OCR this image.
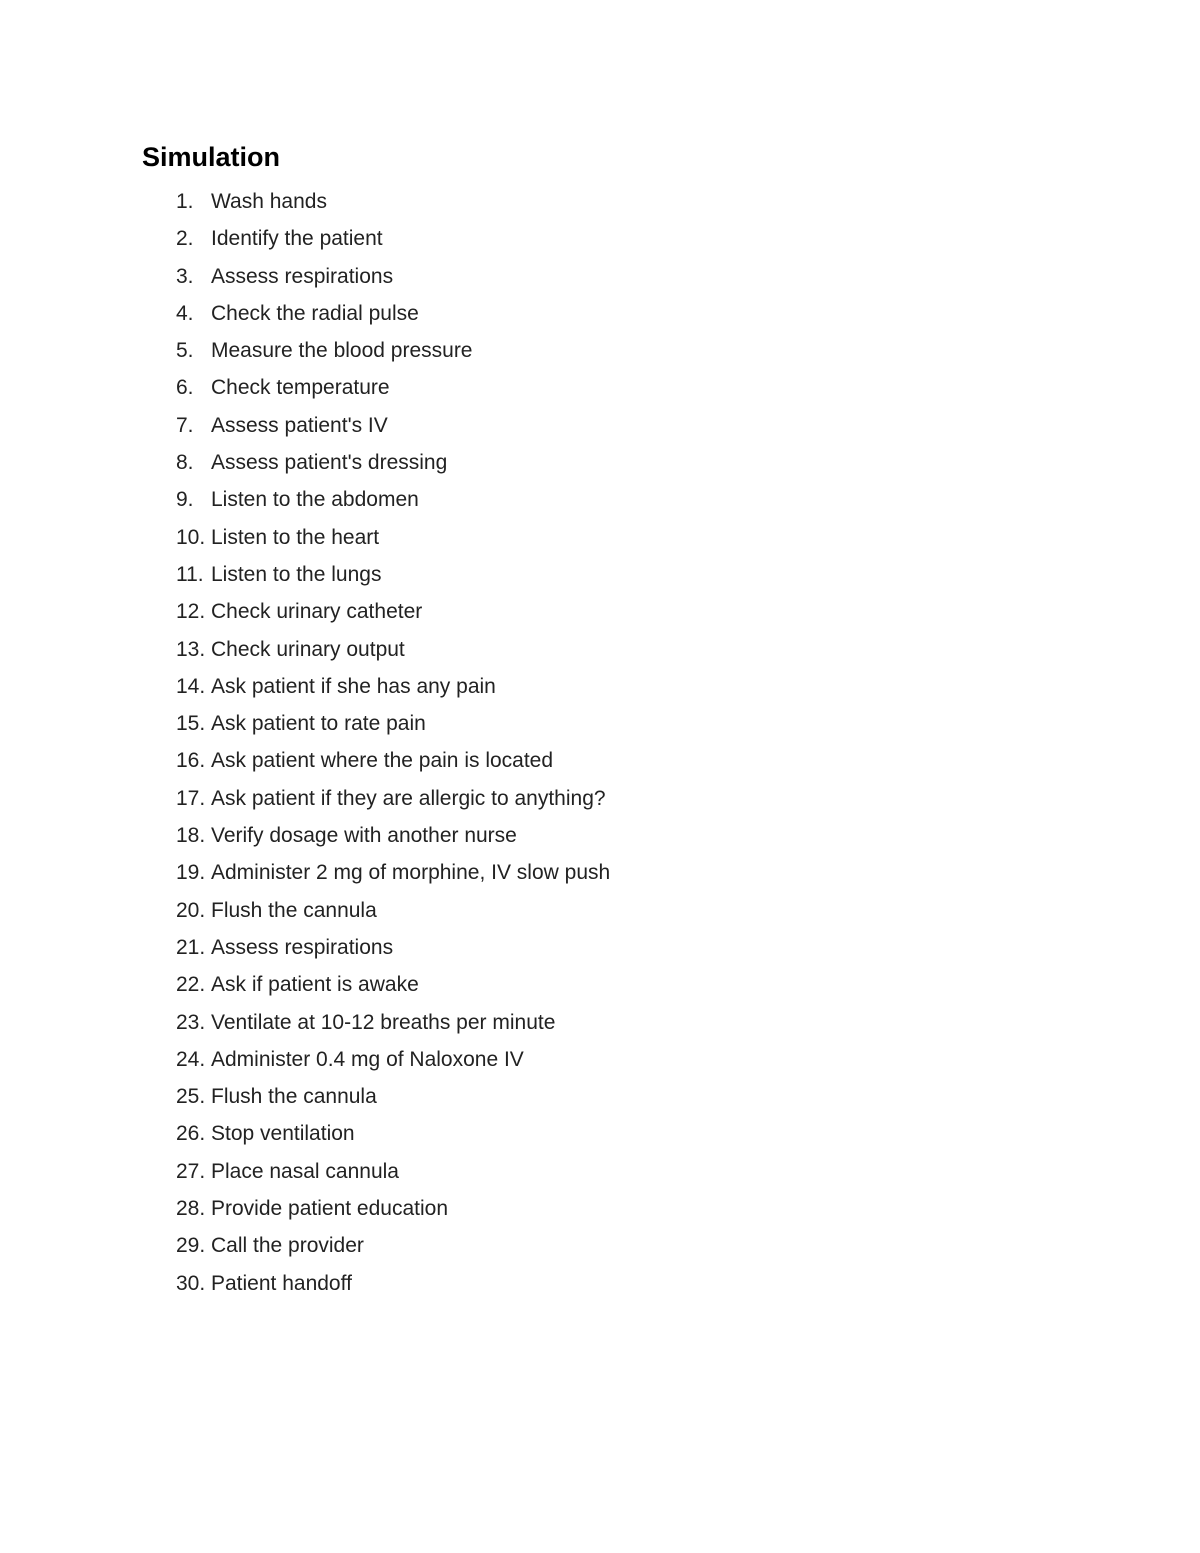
Simulation
1. Wash hands
2. Identify the patient
3. Assess respirations
4. Check the radial pulse
5. Measure the blood pressure
6. Check temperature
7. Assess patient's IV
8. Assess patient's dressing
9. Listen to the abdomen
10. Listen to the heart
11. Listen to the lungs
12. Check urinary catheter
13. Check urinary output
14. Ask patient if she has any pain
15. Ask patient to rate pain
16. Ask patient where the pain is located
17. Ask patient if they are allergic to anything?
18. Verify dosage with another nurse
19. Administer 2 mg of morphine, IV slow push
20. Flush the cannula
21. Assess respirations
22. Ask if patient is awake
23. Ventilate at 10-12 breaths per minute
24. Administer 0.4 mg of Naloxone IV
25. Flush the cannula
26. Stop ventilation
27. Place nasal cannula
28. Provide patient education
29. Call the provider
30. Patient handoff
